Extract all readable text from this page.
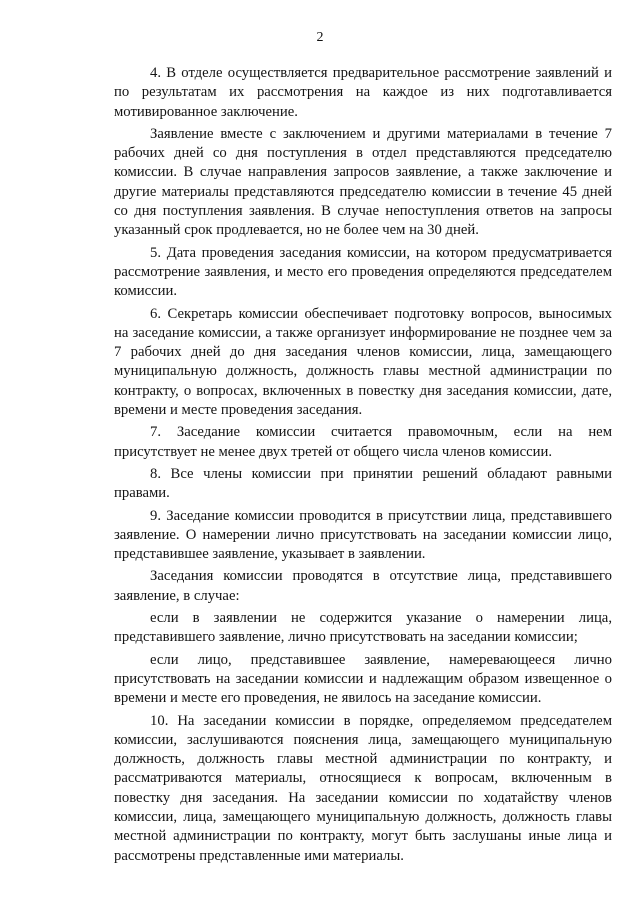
2

4. В отделе осуществляется предварительное рассмотрение заявлений и по результатам их рассмотрения на каждое из них подготавливается мотивированное заключение.

Заявление вместе с заключением и другими материалами в течение 7 рабочих дней со дня поступления в отдел представляются председателю комиссии. В случае направления запросов заявление, а также заключение и другие материалы представляются председателю комиссии в течение 45 дней со дня поступления заявления. В случае непоступления ответов на запросы указанный срок продлевается, но не более чем на 30 дней.

5. Дата проведения заседания комиссии, на котором предусматривается рассмотрение заявления, и место его проведения определяются председателем комиссии.

6. Секретарь комиссии обеспечивает подготовку вопросов, выносимых на заседание комиссии, а также организует информирование не позднее чем за 7 рабочих дней до дня заседания членов комиссии, лица, замещающего муниципальную должность, должность главы местной администрации по контракту, о вопросах, включенных в повестку дня заседания комиссии, дате, времени и месте проведения заседания.

7. Заседание комиссии считается правомочным, если на нем присутствует не менее двух третей от общего числа членов комиссии.

8. Все члены комиссии при принятии решений обладают равными правами.

9. Заседание комиссии проводится в присутствии лица, представившего заявление. О намерении лично присутствовать на заседании комиссии лицо, представившее заявление, указывает в заявлении.

Заседания комиссии проводятся в отсутствие лица, представившего заявление, в случае:

если в заявлении не содержится указание о намерении лица, представившего заявление, лично присутствовать на заседании комиссии;

если лицо, представившее заявление, намеревающееся лично присутствовать на заседании комиссии и надлежащим образом извещенное о времени и месте его проведения, не явилось на заседание комиссии.

10. На заседании комиссии в порядке, определяемом председателем комиссии, заслушиваются пояснения лица, замещающего муниципальную должность, должность главы местной администрации по контракту, и рассматриваются материалы, относящиеся к вопросам, включенным в повестку дня заседания. На заседании комиссии по ходатайству членов комиссии, лица, замещающего муниципальную должность, должность главы местной администрации по контракту, могут быть заслушаны иные лица и рассмотрены представленные ими материалы.
